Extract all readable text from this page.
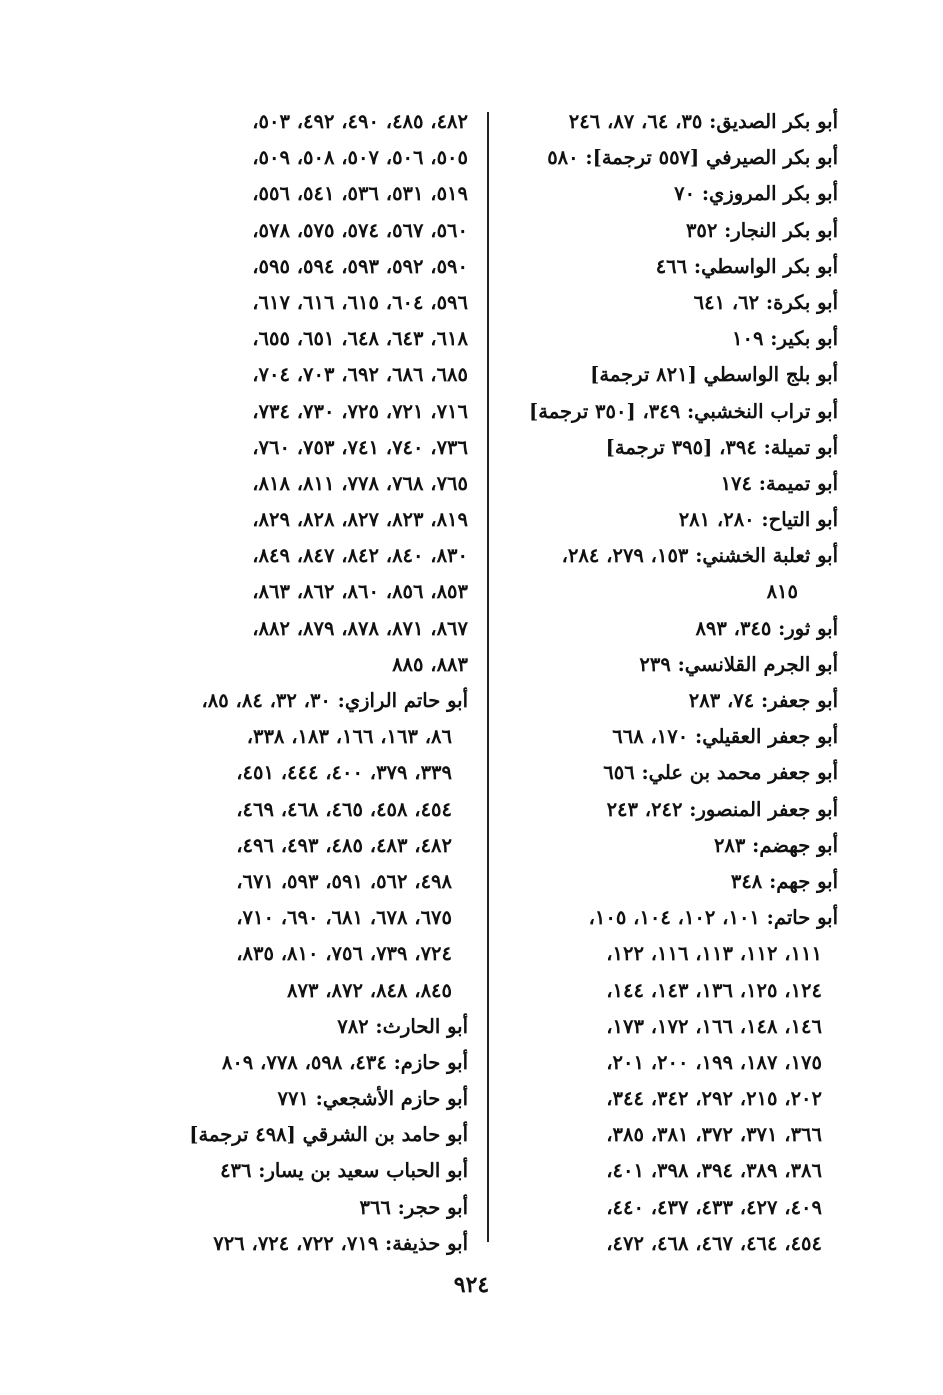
أبو بكر الصديق: ٣٥، ٦٤، ٨٧، ٢٤٦
أبو بكر الصيرفي [٥٥٧ ترجمة]: ٥٨٠
أبو بكر المروزي: ٧٠
أبو بكر النجار: ٣٥٢
أبو بكر الواسطي: ٤٦٦
أبو بكرة: ٦٢، ٦٤١
أبو بكير: ١٠٩
أبو بلج الواسطي [٨٢١ ترجمة]
أبو تراب النخشبي: ٣٤٩، [٣٥٠ ترجمة]
أبو تميلة: ٣٩٤، [٣٩٥ ترجمة]
أبو تميمة: ١٧٤
أبو التياح: ٢٨٠، ٢٨١
أبو ثعلبة الخشني: ١٥٣، ٢٧٩، ٢٨٤،
٨١٥
أبو ثور: ٣٤٥، ٨٩٣
أبو الجرم القلانسي: ٢٣٩
أبو جعفر: ٧٤، ٢٨٣
أبو جعفر العقيلي: ١٧٠، ٦٦٨
أبو جعفر محمد بن علي: ٦٥٦
أبو جعفر المنصور: ٢٤٢، ٢٤٣
أبو جهضم: ٢٨٣
أبو جهم: ٣٤٨
أبو حاتم: ١٠١، ١٠٢، ١٠٤، ١٠٥،
١١١، ١١٢، ١١٣، ١١٦، ١٢٢،
١٢٤، ١٢٥، ١٣٦، ١٤٣، ١٤٤،
١٤٦، ١٤٨، ١٦٦، ١٧٢، ١٧٣،
١٧٥، ١٨٧، ١٩٩، ٢٠٠، ٢٠١،
٢٠٢، ٢١٥، ٢٩٢، ٣٤٢، ٣٤٤،
٣٦٦، ٣٧١، ٣٧٢، ٣٨١، ٣٨٥،
٣٨٦، ٣٨٩، ٣٩٤، ٣٩٨، ٤٠١،
٤٠٩، ٤٢٧، ٤٣٣، ٤٣٧، ٤٤٠،
٤٥٤، ٤٦٤، ٤٦٧، ٤٦٨، ٤٧٢،
٤٨٢، ٤٨٥، ٤٩٠، ٤٩٢، ٥٠٣،
٥٠٥، ٥٠٦، ٥٠٧، ٥٠٨، ٥٠٩،
٥١٩، ٥٣١، ٥٣٦، ٥٤١، ٥٥٦،
٥٦٠، ٥٦٧، ٥٧٤، ٥٧٥، ٥٧٨،
٥٩٠، ٥٩٢، ٥٩٣، ٥٩٤، ٥٩٥،
٥٩٦، ٦٠٤، ٦١٥، ٦١٦، ٦١٧،
٦١٨، ٦٤٣، ٦٤٨، ٦٥١، ٦٥٥،
٦٨٥، ٦٨٦، ٦٩٢، ٧٠٣، ٧٠٤،
٧١٦، ٧٢١، ٧٢٥، ٧٣٠، ٧٣٤،
٧٣٦، ٧٤٠، ٧٤١، ٧٥٣، ٧٦٠،
٧٦٥، ٧٦٨، ٧٧٨، ٨١١، ٨١٨،
٨١٩، ٨٢٣، ٨٢٧، ٨٢٨، ٨٢٩،
٨٣٠، ٨٤٠، ٨٤٢، ٨٤٧، ٨٤٩،
٨٥٣، ٨٥٦، ٨٦٠، ٨٦٢، ٨٦٣،
٨٦٧، ٨٧١، ٨٧٨، ٨٧٩، ٨٨٢،
٨٨٣، ٨٨٥
أبو حاتم الرازي: ٣٠، ٣٢، ٨٤، ٨٥،
٨٦، ١٦٣، ١٦٦، ١٨٣، ٣٣٨،
٣٣٩، ٣٧٩، ٤٠٠، ٤٤٤، ٤٥١،
٤٥٤، ٤٥٨، ٤٦٥، ٤٦٨، ٤٦٩،
٤٨٢، ٤٨٣، ٤٨٥، ٤٩٣، ٤٩٦،
٤٩٨، ٥٦٢، ٥٩١، ٥٩٣، ٦٧١،
٦٧٥، ٦٧٨، ٦٨١، ٦٩٠، ٧١٠،
٧٢٤، ٧٣٩، ٧٥٦، ٨١٠، ٨٣٥،
٨٤٥، ٨٤٨، ٨٧٢، ٨٧٣
أبو الحارث: ٧٨٢
أبو حازم: ٤٣٤، ٥٩٨، ٧٧٨، ٨٠٩
أبو حازم الأشجعي: ٧٧١
أبو حامد بن الشرقي [٤٩٨ ترجمة]
أبو الحباب سعيد بن يسار: ٤٣٦
أبو حجر: ٣٦٦
أبو حذيفة: ٧١٩، ٧٢٢، ٧٢٤، ٧٢٦
٩٢٤
